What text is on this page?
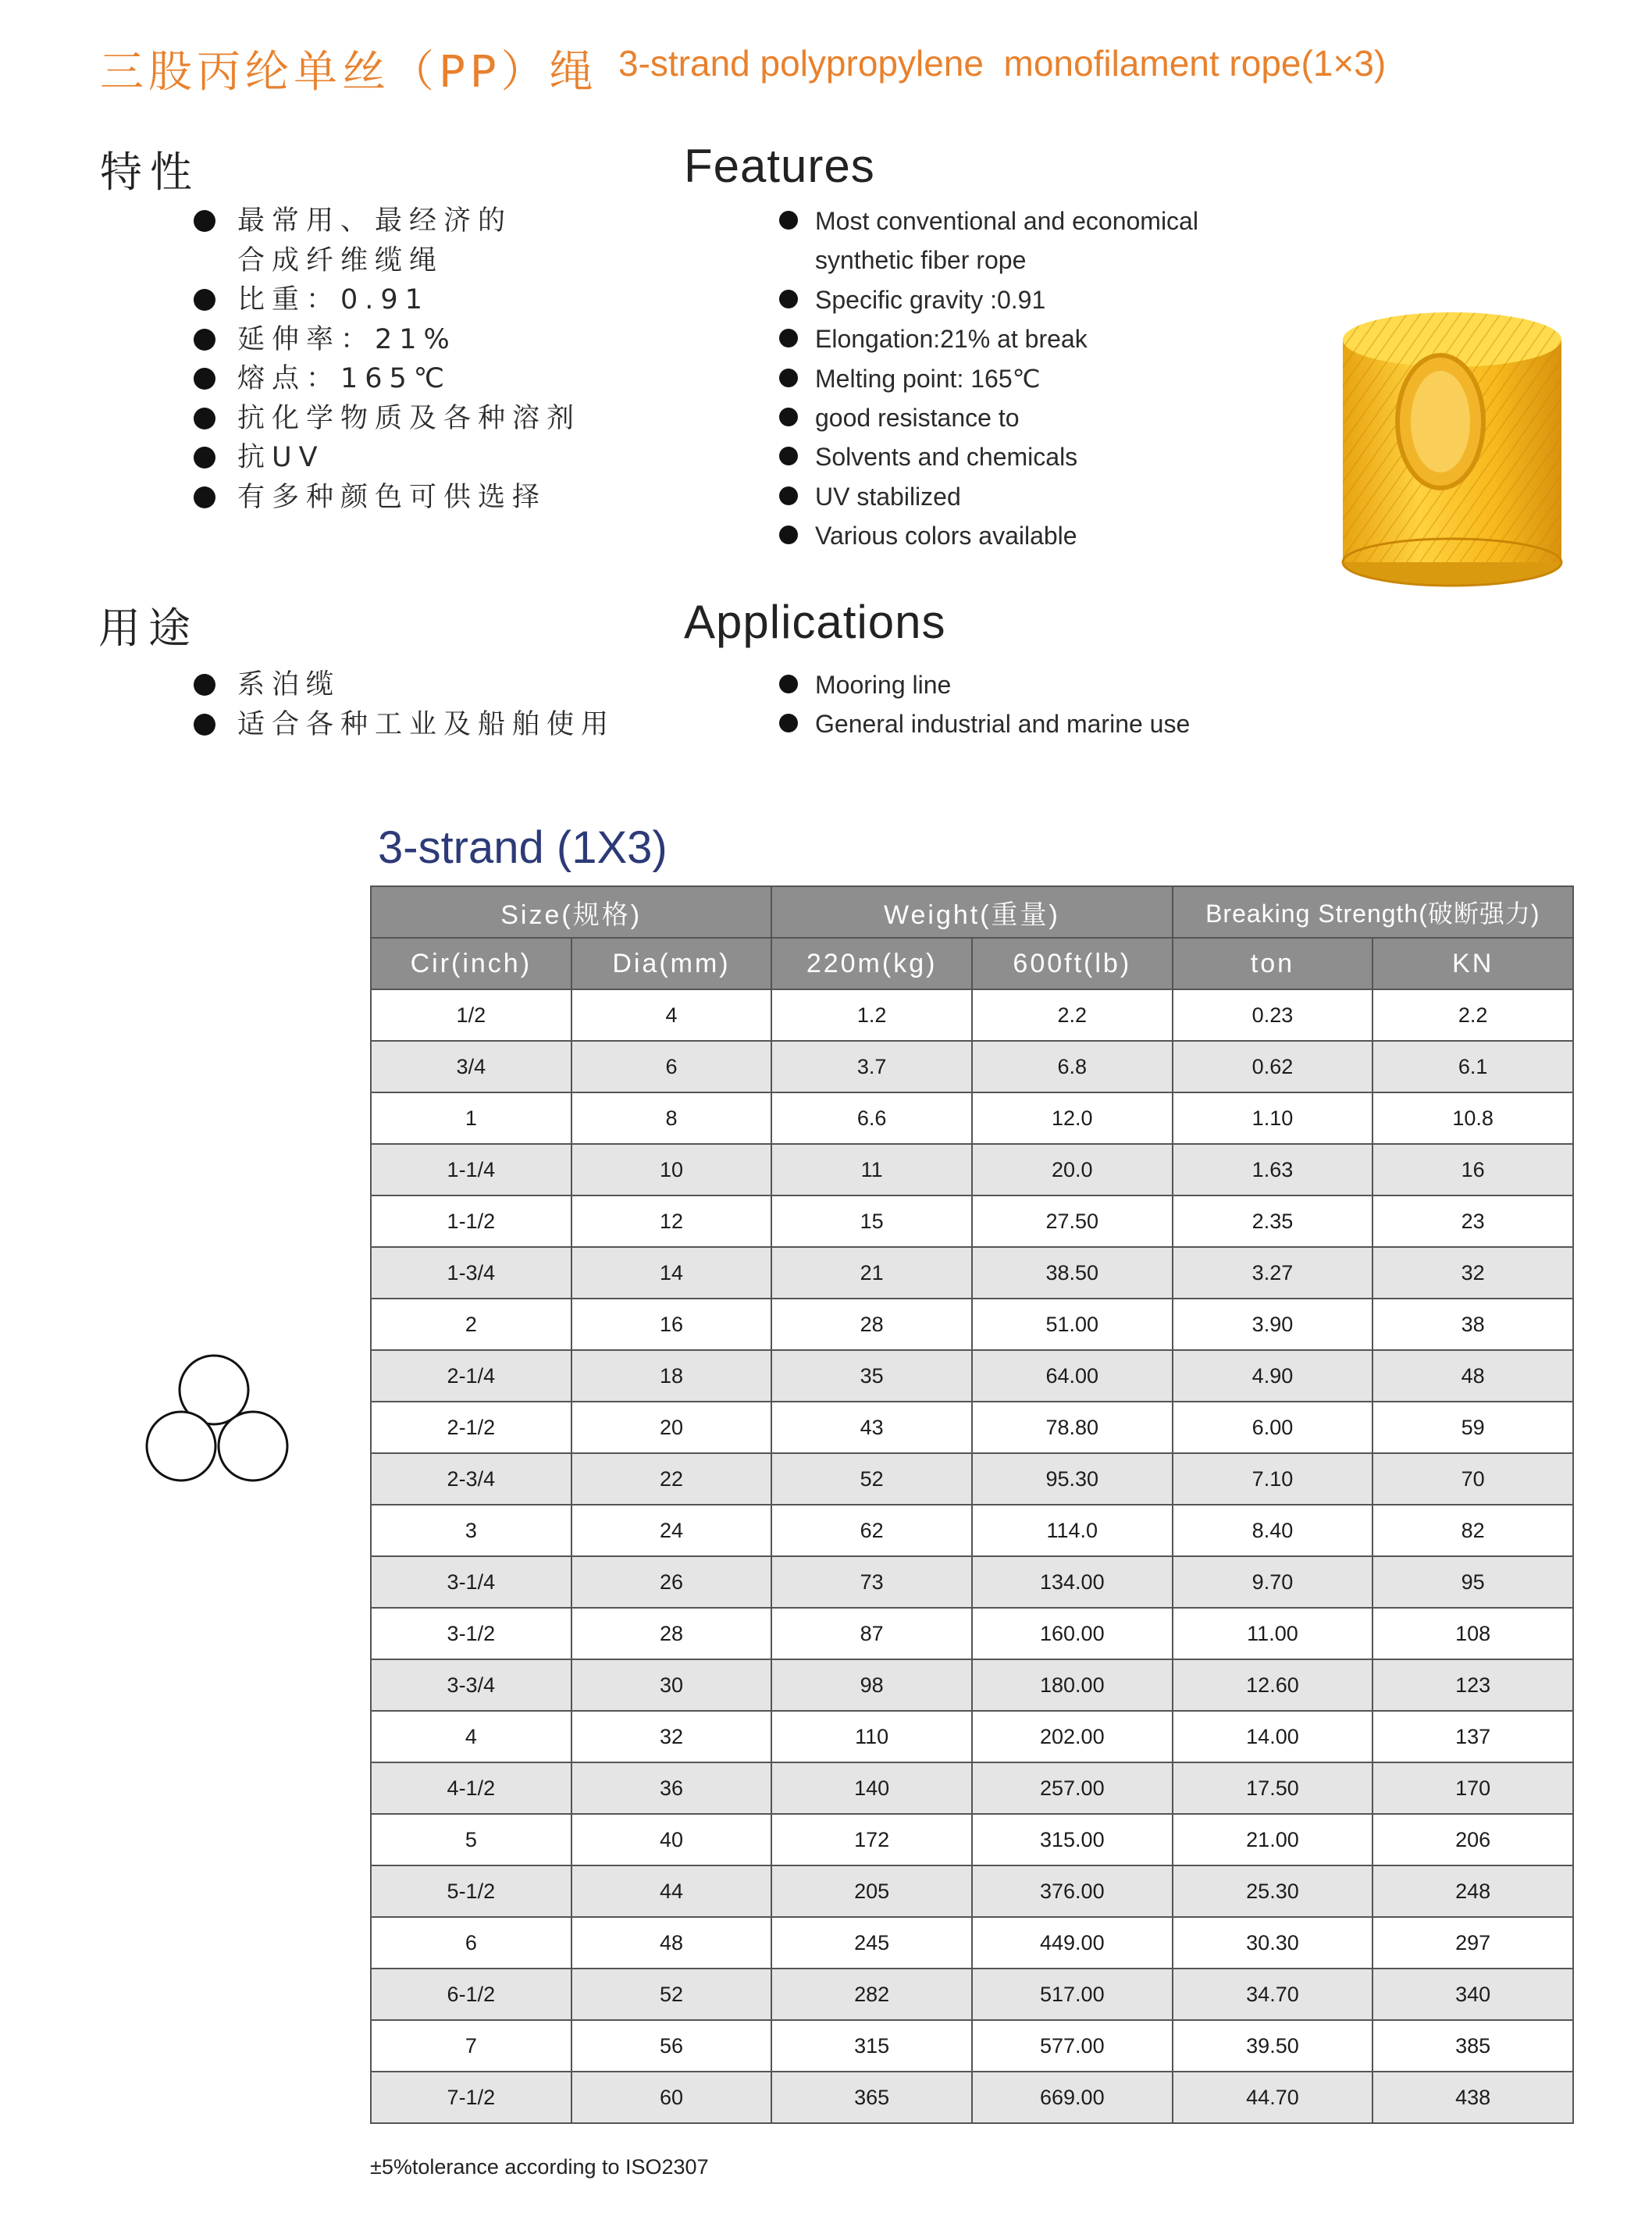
三股丙纶单丝（PP）绳 3-strand polypropylene  monofilament rope(1×3)
特性	Features
最常用、最经济的
合成纤维缆绳
比重：0.91
延伸率：21%
熔点：165℃
抗化学物质及各种溶剂
抗UV
有多种颜色可供选择
Most conventional and economical
synthetic fiber rope
Specific gravity :0.91
Elongation:21% at break
Melting point: 165℃
good resistance to
Solvents and chemicals
UV stabilized
Various colors available
用途	Applications
系泊缆
适合各种工业及船舶使用
Mooring line
General industrial and marine use
3-strand (1X3)
Size(规格)		Weight(重量)		Breaking Strength(破断强力)	
Cir(inch)	Dia(mm)	220m(kg)	600ft(lb)	ton	KN
1/2	4	1.2	2.2	0.23	2.2
3/4	6	3.7	6.8	0.62	6.1
1	8	6.6	12.0	1.10	10.8
1-1/4	10	11	20.0	1.63	16
1-1/2	12	15	27.50	2.35	23
1-3/4	14	21	38.50	3.27	32
2	16	28	51.00	3.90	38
2-1/4	18	35	64.00	4.90	48
2-1/2	20	43	78.80	6.00	59
2-3/4	22	52	95.30	7.10	70
3	24	62	114.0	8.40	82
3-1/4	26	73	134.00	9.70	95
3-1/2	28	87	160.00	11.00	108
3-3/4	30	98	180.00	12.60	123
4	32	110	202.00	14.00	137
4-1/2	36	140	257.00	17.50	170
5	40	172	315.00	21.00	206
5-1/2	44	205	376.00	25.30	248
6	48	245	449.00	30.30	297
6-1/2	52	282	517.00	34.70	340
7	56	315	577.00	39.50	385
7-1/2	60	365	669.00	44.70	438
±5%tolerance according to ISO2307
